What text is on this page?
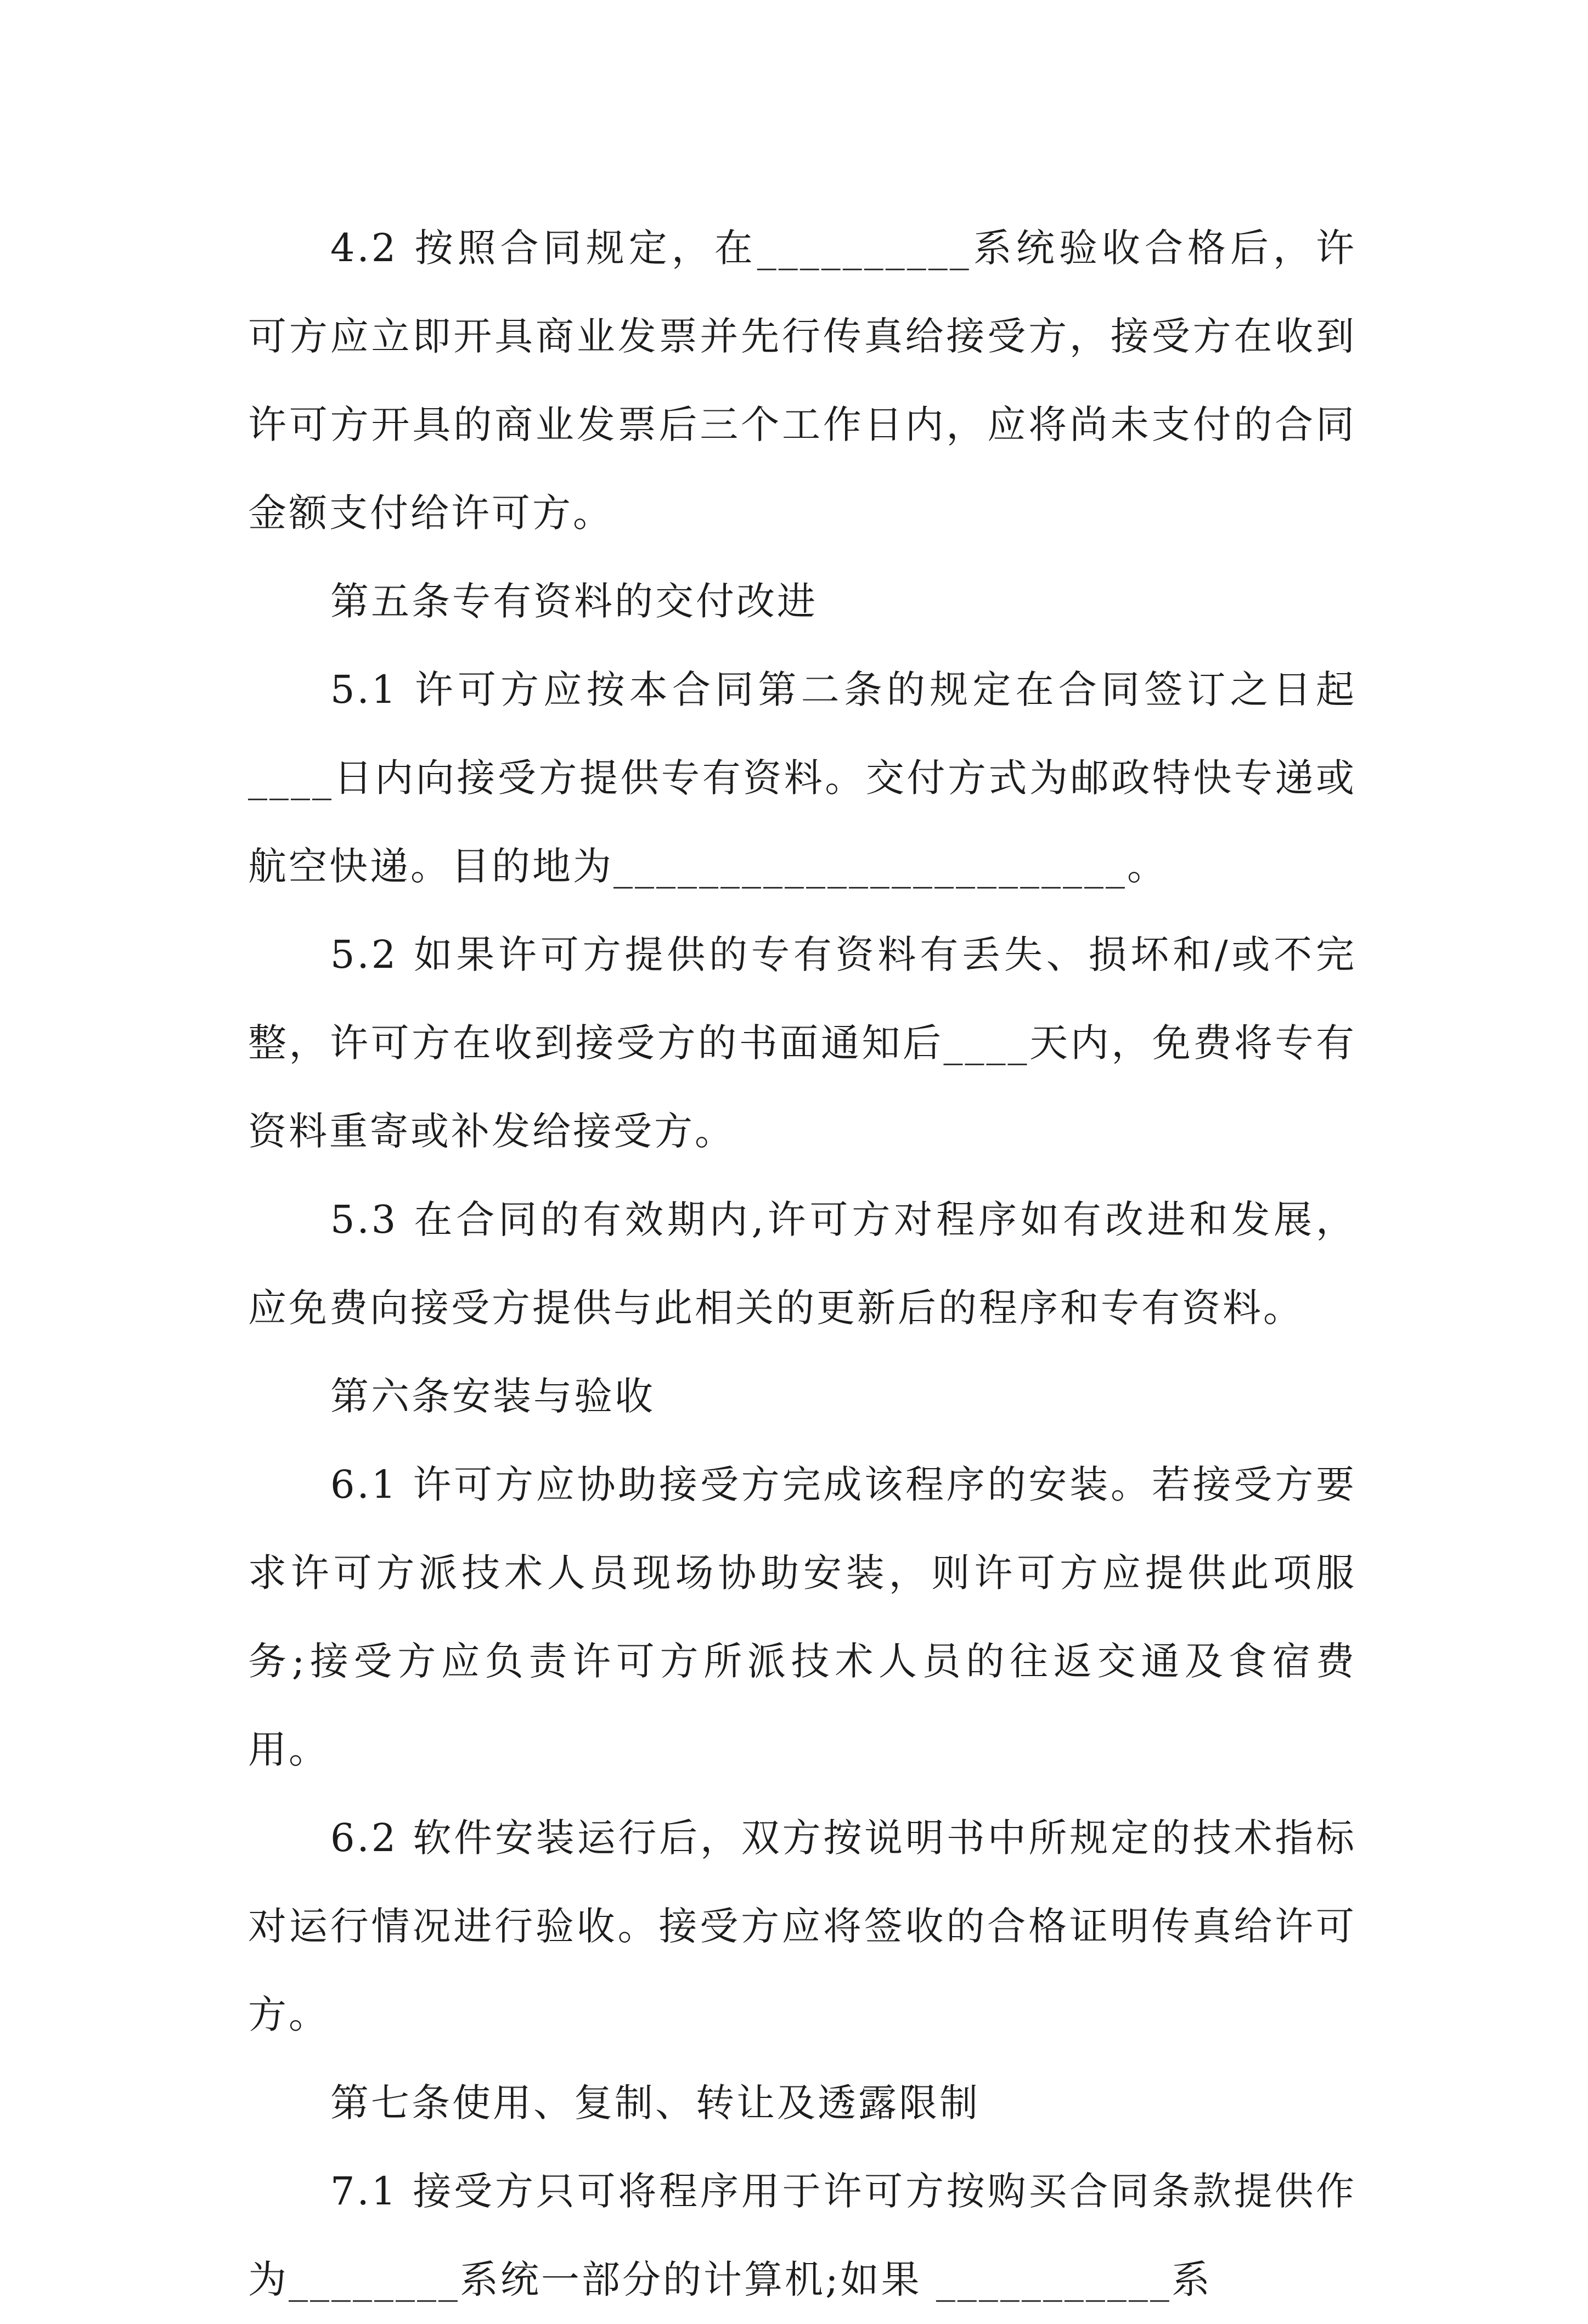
4.2 按照合同规定，在__________系统验收合格后，许可方应立即开具商业发票并先行传真给接受方，接受方在收到许可方开具的商业发票后三个工作日内，应将尚未支付的合同金额支付给许可方。

第五条专有资料的交付改进

5.1 许可方应按本合同第二条的规定在合同签订之日起____日内向接受方提供专有资料。交付方式为邮政特快专递或航空快递。目的地为________________________。

5.2 如果许可方提供的专有资料有丢失、损坏和/或不完整，许可方在收到接受方的书面通知后____天内，免费将专有资料重寄或补发给接受方。

5.3 在合同的有效期内,许可方对程序如有改进和发展，应免费向接受方提供与此相关的更新后的程序和专有资料。

第六条安装与验收

6.1 许可方应协助接受方完成该程序的安装。若接受方要求许可方派技术人员现场协助安装，则许可方应提供此项服务;接受方应负责许可方所派技术人员的往返交通及食宿费用。

6.2 软件安装运行后，双方按说明书中所规定的技术指标对运行情况进行验收。接受方应将签收的合格证明传真给许可方。

第七条使用、复制、转让及透露限制

7.1 接受方只可将程序用于许可方按购买合同条款提供作为________系统一部分的计算机;如果 ___________系
